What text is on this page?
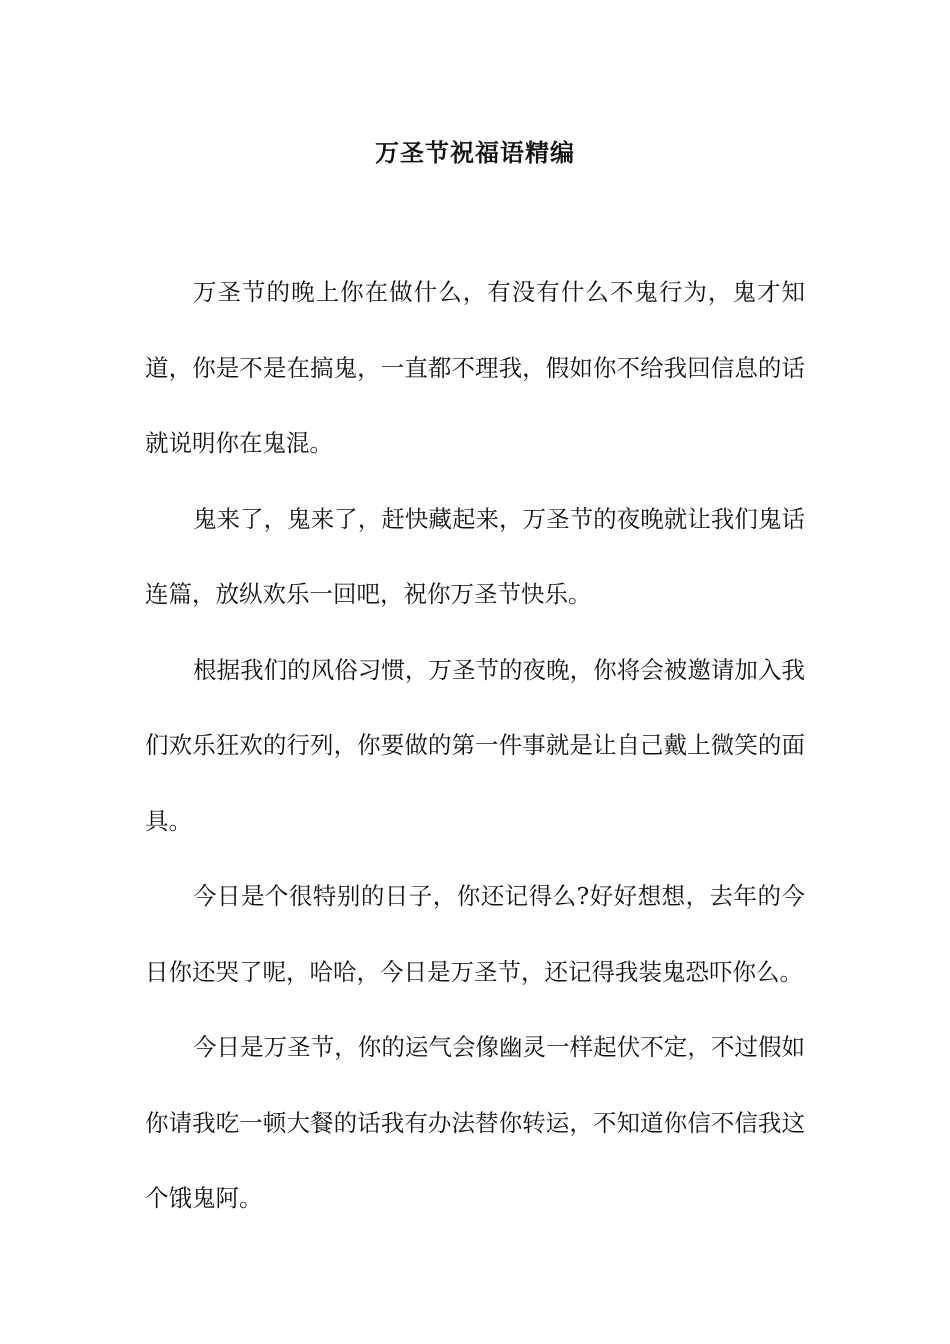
万圣节祝福语精编

万圣节的晚上你在做什么，有没有什么不鬼行为，鬼才知道，你是不是在搞鬼，一直都不理我，假如你不给我回信息的话就说明你在鬼混。

鬼来了，鬼来了，赶快藏起来，万圣节的夜晚就让我们鬼话连篇，放纵欢乐一回吧，祝你万圣节快乐。

根据我们的风俗习惯，万圣节的夜晚，你将会被邀请加入我们欢乐狂欢的行列，你要做的第一件事就是让自己戴上微笑的面具。

今日是个很特别的日子，你还记得么?好好想想，去年的今日你还哭了呢，哈哈，今日是万圣节，还记得我装鬼恐吓你么。

今日是万圣节，你的运气会像幽灵一样起伏不定，不过假如你请我吃一顿大餐的话我有办法替你转运，不知道你信不信我这个饿鬼阿。
